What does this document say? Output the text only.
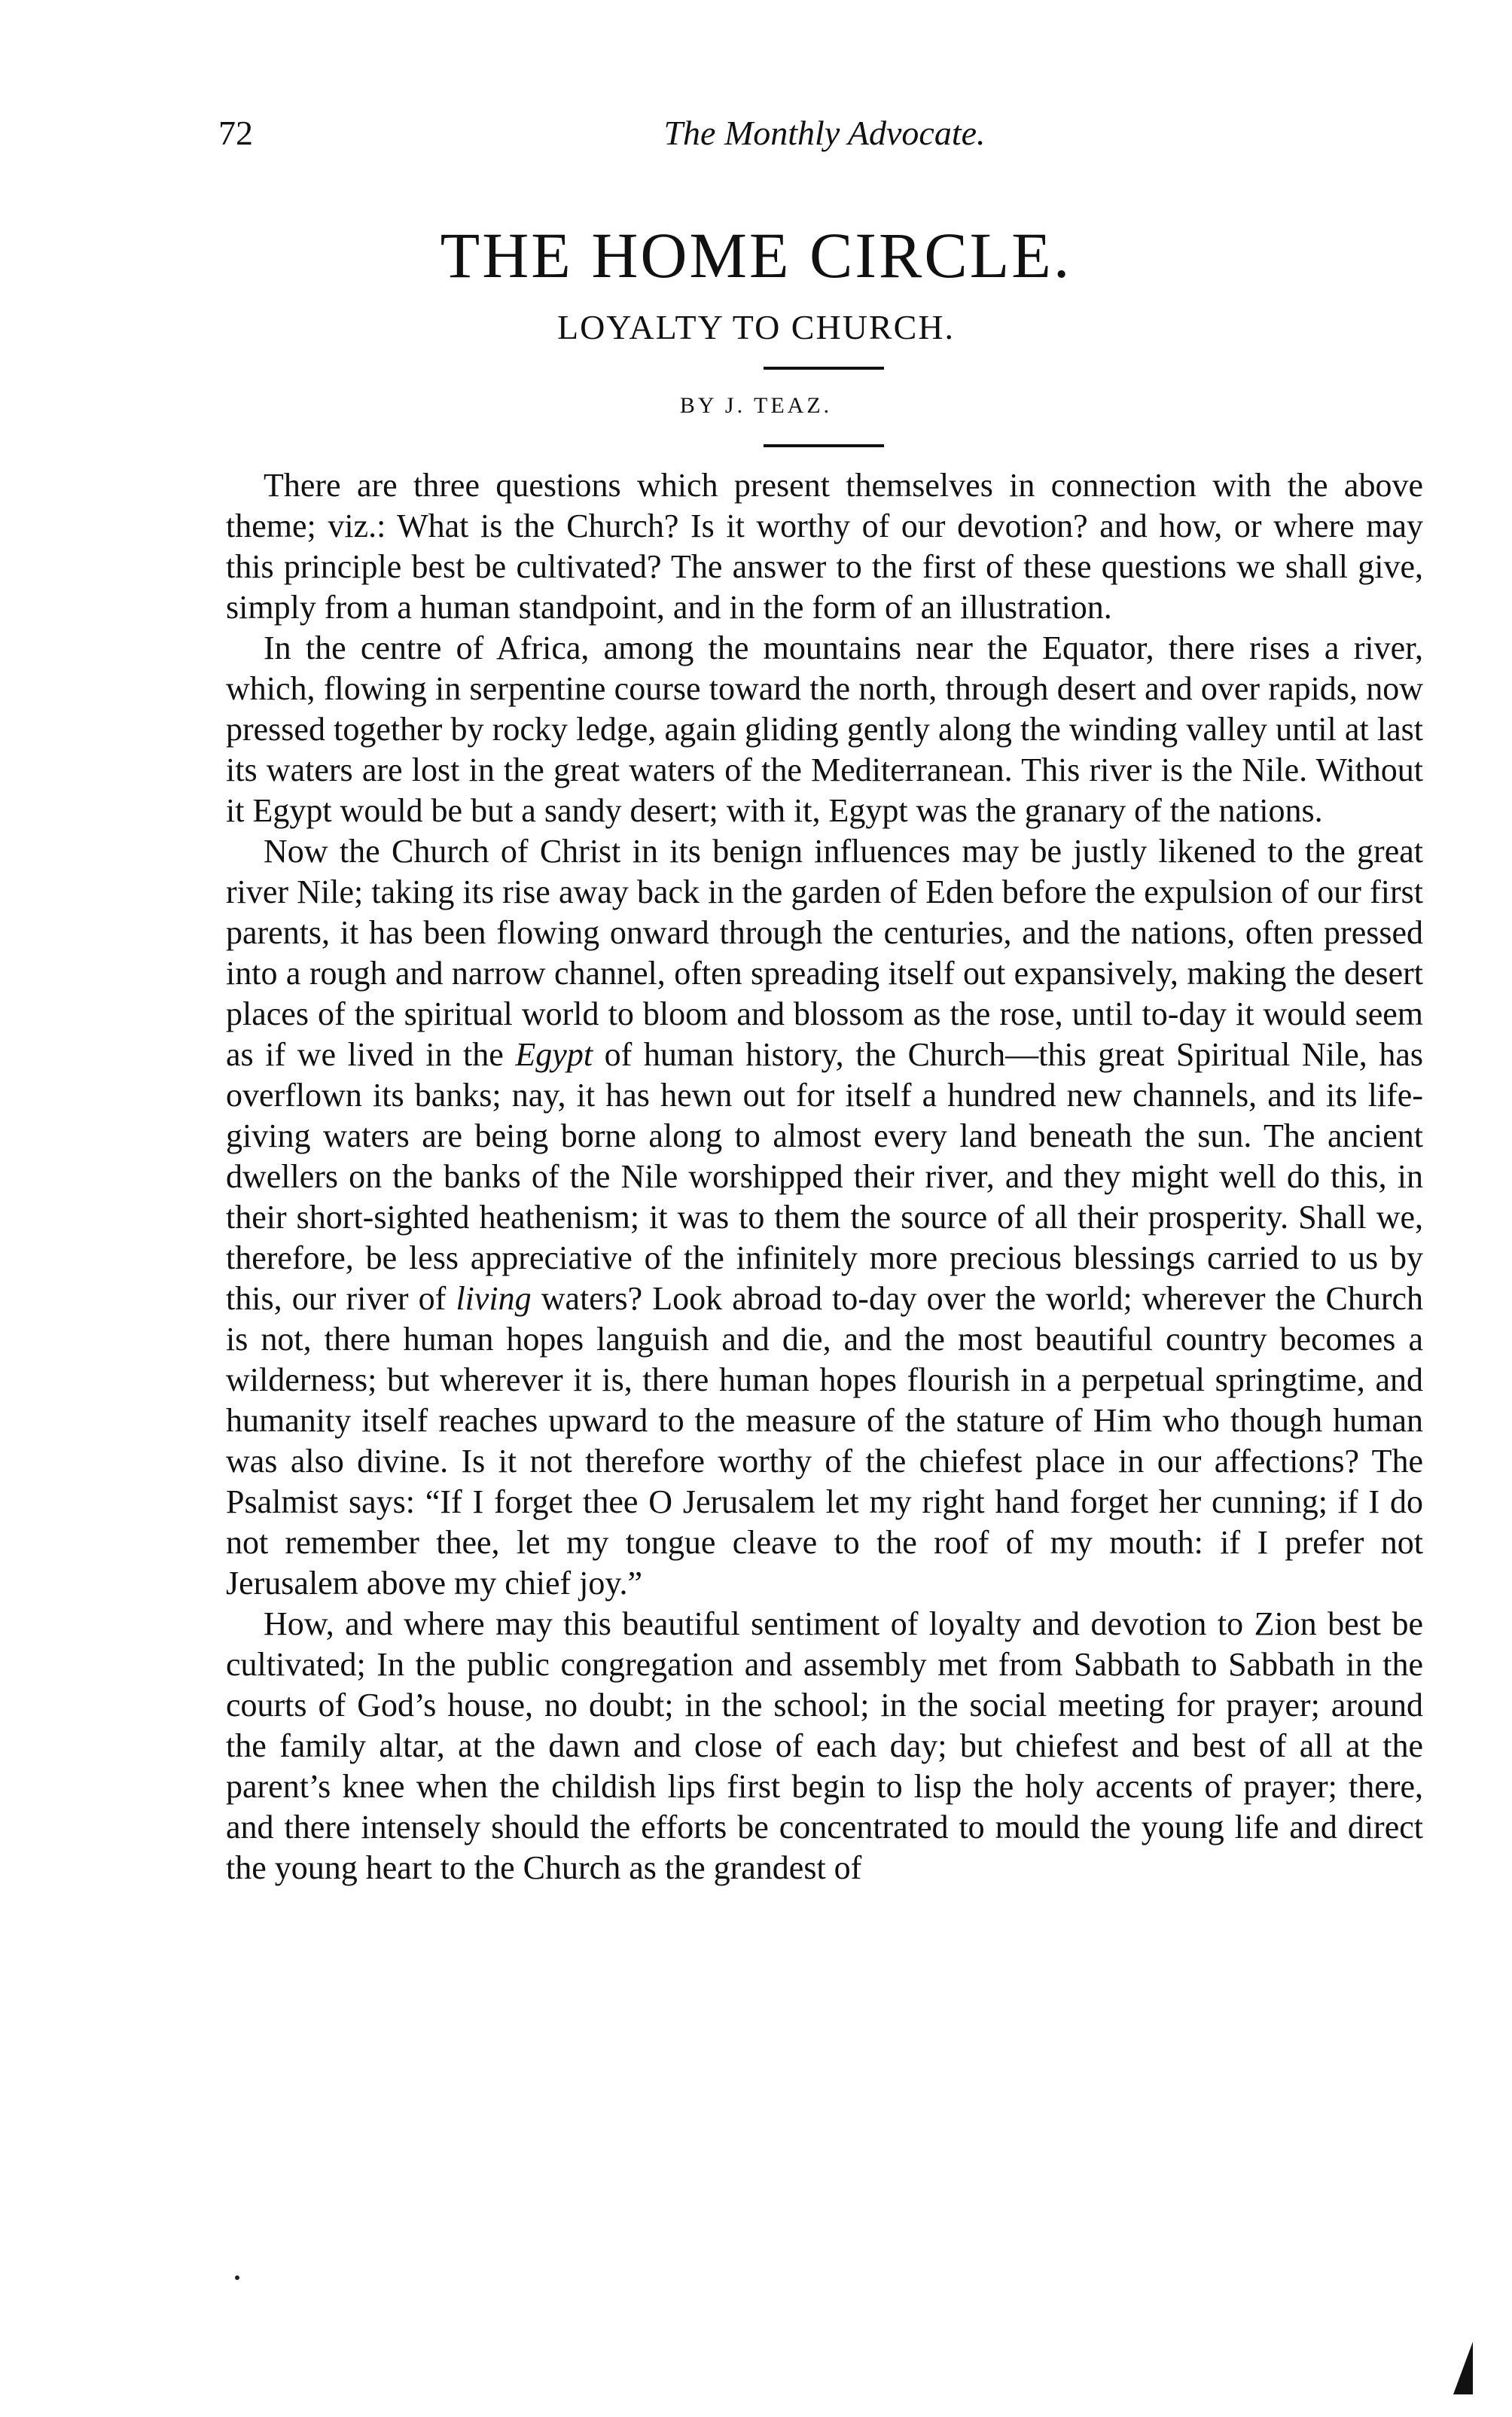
72	The Monthly Advocate.
THE HOME CIRCLE.
LOYALTY TO CHURCH.
BY J. TEAZ.

There are three questions which present themselves in connection with the above theme; viz.: What is the Church? Is it worthy of our devotion? and how, or where may this principle best be cultivated? The answer to the first of these questions we shall give, simply from a human standpoint, and in the form of an illustration.

In the centre of Africa, among the mountains near the Equator, there rises a river, which, flowing in serpentine course toward the north, through desert and over rapids, now pressed together by rocky ledge, again gliding gently along the winding valley until at last its waters are lost in the great waters of the Mediterranean. This river is the Nile. Without it Egypt would be but a sandy desert; with it, Egypt was the granary of the nations.

Now the Church of Christ in its benign influences may be justly likened to the great river Nile; taking its rise away back in the garden of Eden before the expulsion of our first parents, it has been flowing onward through the centuries, and the nations, often pressed into a rough and narrow channel, often spreading itself out expansively, making the desert places of the spiritual world to bloom and blossom as the rose, until to-day it would seem as if we lived in the Egypt of human history, the Church—this great Spiritual Nile, has overflown its banks; nay, it has hewn out for itself a hundred new channels, and its life-giving waters are being borne along to almost every land beneath the sun. The ancient dwellers on the banks of the Nile worshipped their river, and they might well do this, in their short-sighted heathenism; it was to them the source of all their prosperity. Shall we, therefore, be less appreciative of the infinitely more precious blessings carried to us by this, our river of living waters? Look abroad to-day over the world; wherever the Church is not, there human hopes languish and die, and the most beautiful country becomes a wilderness; but wherever it is, there human hopes flourish in a perpetual springtime, and humanity itself reaches upward to the measure of the stature of Him who though human was also divine. Is it not therefore worthy of the chiefest place in our affections? The Psalmist says: “If I forget thee O Jerusalem let my right hand forget her cunning; if I do not remember thee, let my tongue cleave to the roof of my mouth: if I prefer not Jerusalem above my chief joy.”

How, and where may this beautiful sentiment of loyalty and devotion to Zion best be cultivated; In the public congregation and assembly met from Sabbath to Sabbath in the courts of God’s house, no doubt; in the school; in the social meeting for prayer; around the family altar, at the dawn and close of each day; but chiefest and best of all at the parent’s knee when the childish lips first begin to lisp the holy accents of prayer; there, and there intensely should the efforts be concentrated to mould the young life and direct the young heart to the Church as the grandest of
